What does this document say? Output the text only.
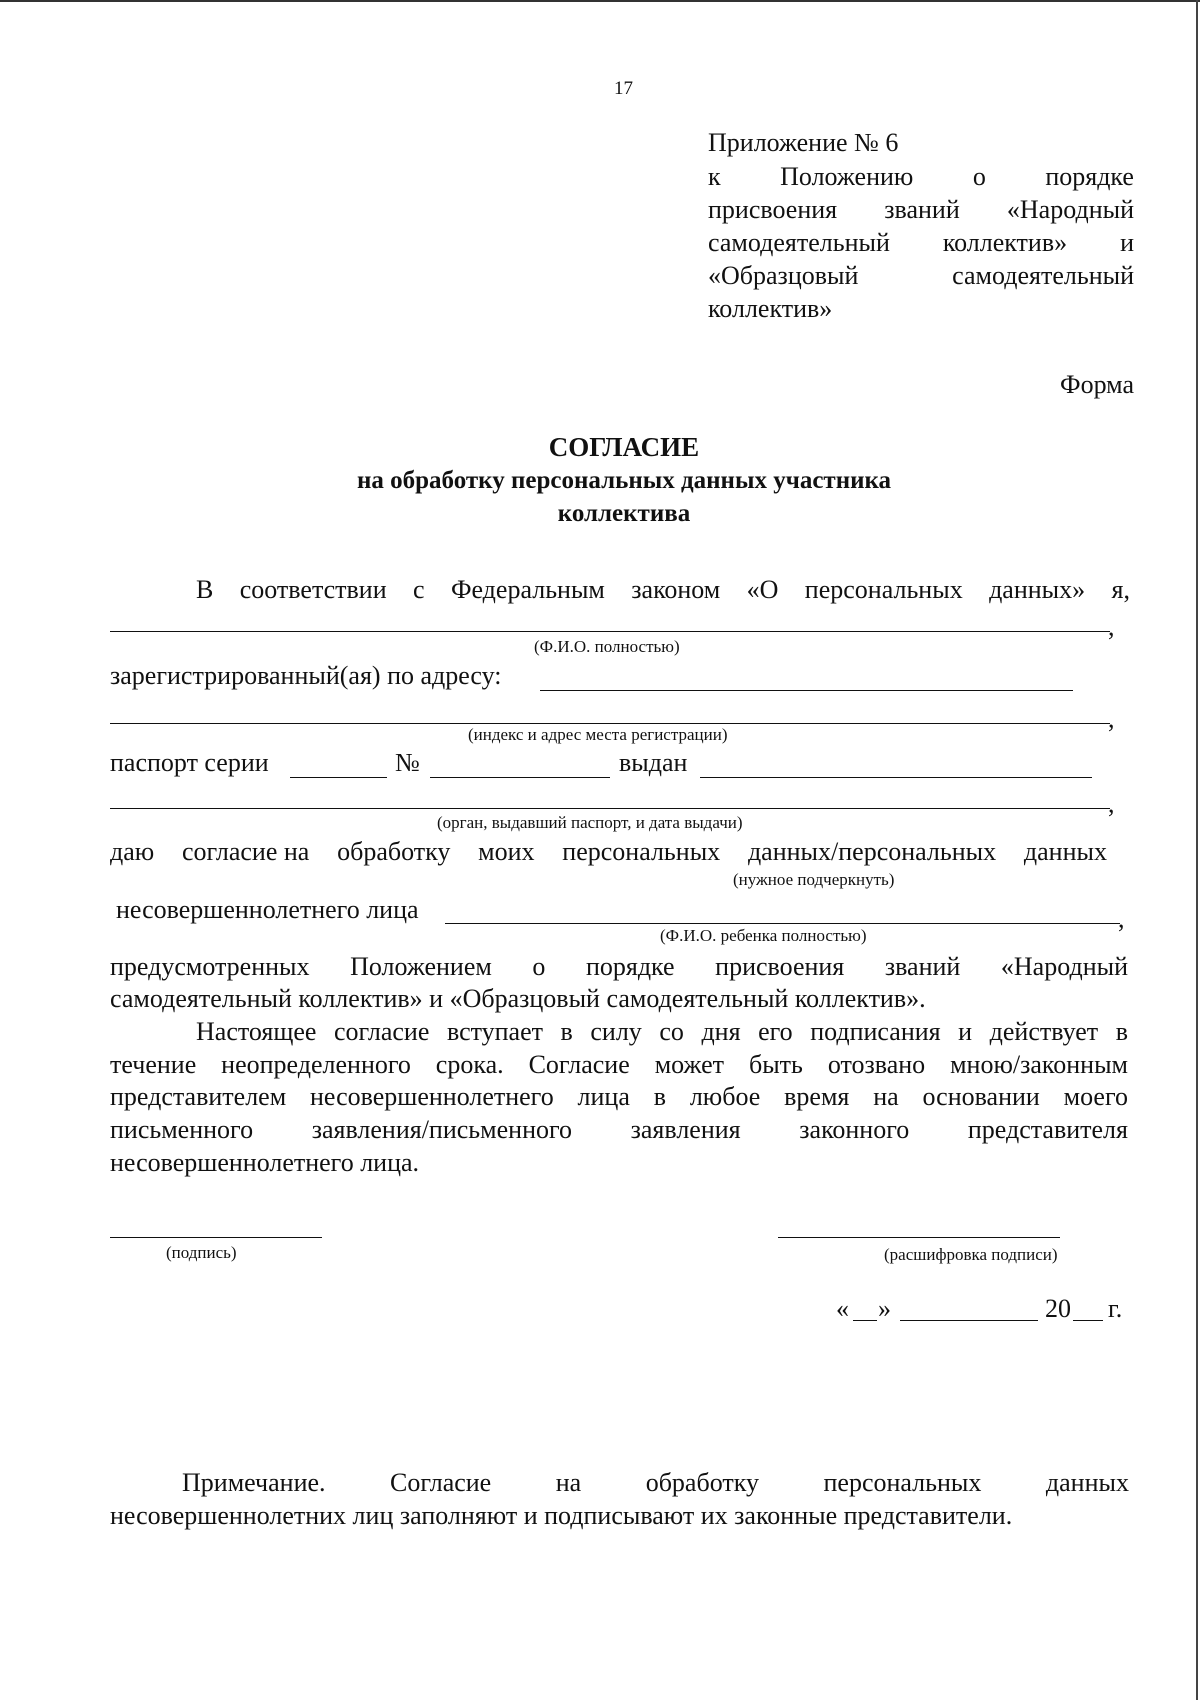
17
Приложение № 6
к Положению о порядке
присвоения званий «Народный
самодеятельный коллектив» и
«Образцовый	самодеятельный
коллектив»
Форма
СОГЛАСИЕ
на обработку персональных данных участника
коллектива
В соответствии с Федеральным законом «О персональных данных» я,
,
(Ф.И.О. полностью)
зарегистрированный(ая) по адресу:
,
(индекс и адрес места регистрации)
паспорт серии	№	выдан
,
(орган, выдавший паспорт, и дата выдачи)
даю согласие на обработку моих персональных данных/персональных данных
(нужное подчеркнуть)
несовершеннолетнего лица	,
(Ф.И.О. ребенка полностью)
предусмотренных Положением о порядке присвоения званий «Народный
самодеятельный коллектив» и «Образцовый самодеятельный коллектив».
Настоящее согласие вступает в силу со дня его подписания и действует в
течение неопределенного срока. Согласие может быть отозвано мною/законным
представителем несовершеннолетнего лица в любое время на основании моего
письменного заявления/письменного заявления законного представителя
несовершеннолетнего лица.
(подпись)	(расшифровка подписи)
« »	20 г.
Примечание. Согласие на обработку персональных данных
несовершеннолетних лиц заполняют и подписывают их законные представители.
